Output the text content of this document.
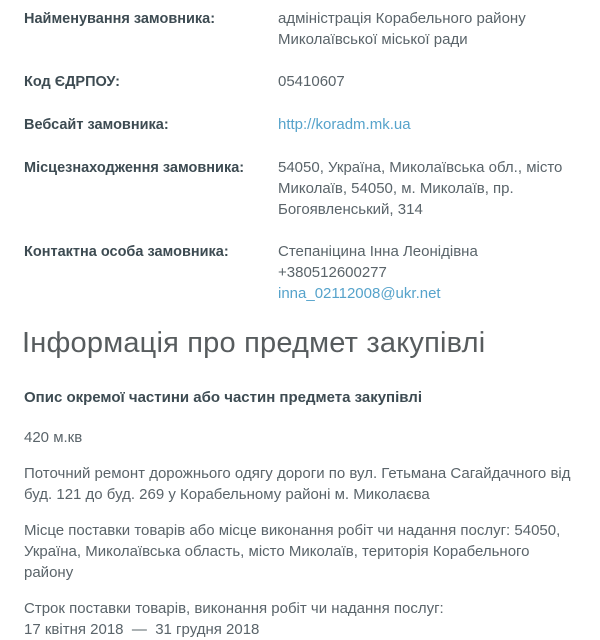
Найменування замовника:	адміністрація Корабельного району Миколаївської міської ради
Код ЄДРПОУ:	05410607
Вебсайт замовника:	http://koradm.mk.ua
Місцезнаходження замовника:	54050, Україна, Миколаївська обл., місто Миколаїв, 54050, м. Миколаїв, пр. Богоявленський, 314
Контактна особа замовника:	Степаніцина Інна Леонідівна
+380512600277
inna_02112008@ukr.net
Інформація про предмет закупівлі
Опис окремої частини або частин предмета закупівлі
420 м.кв

Поточний ремонт дорожнього одягу дороги по вул. Гетьмана Сагайдачного від буд. 121 до буд. 269 у Корабельному районі м. Миколаєва

Місце поставки товарів або місце виконання робіт чи надання послуг: 54050, Україна, Миколаївська область, місто Миколаїв, територія Корабельного району

Строк поставки товарів, виконання робіт чи надання послуг:
17 квітня 2018  —  31 грудня 2018
